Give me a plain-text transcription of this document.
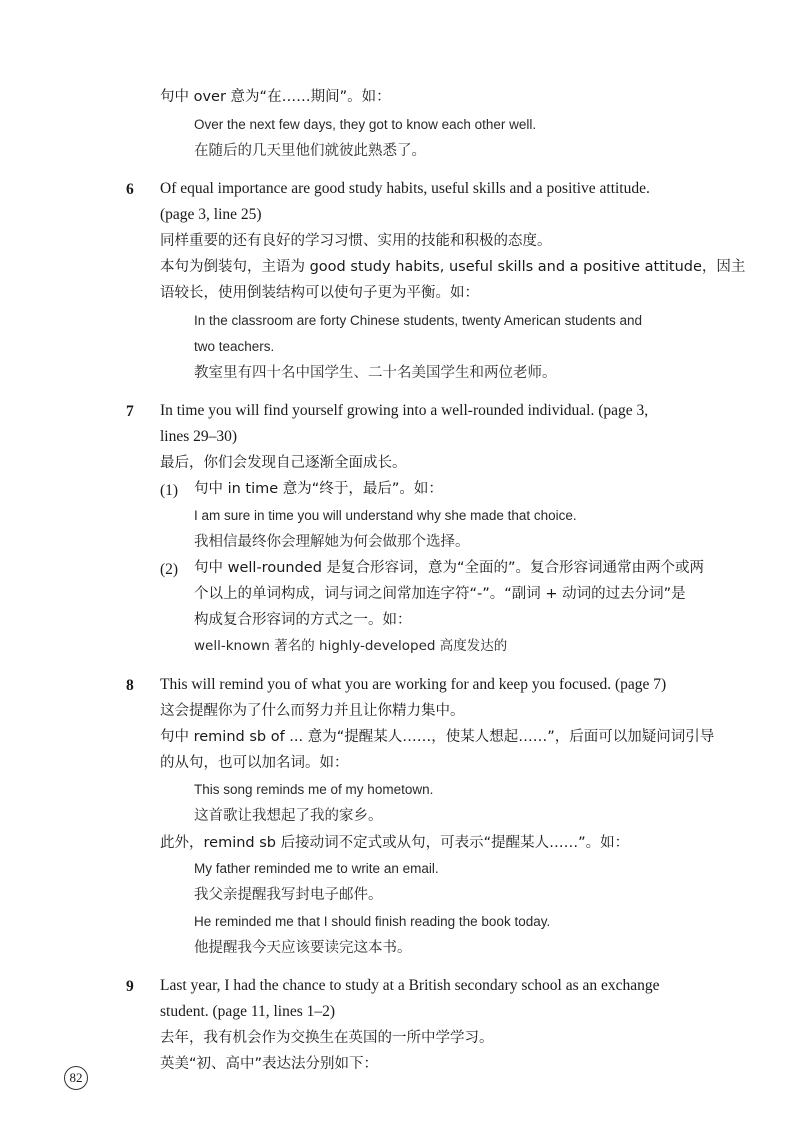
句中 over 意为“在……期间”。如：
Over the next few days, they got to know each other well.
在随后的几天里他们就彼此熟悉了。
6 Of equal importance are good study habits, useful skills and a positive attitude.
(page 3, line 25)
同样重要的还有良好的学习习惯、实用的技能和积极的态度。
本句为倒装句，主语为 good study habits, useful skills and a positive attitude，因主
语较长，使用倒装结构可以使句子更为平衡。如：
In the classroom are forty Chinese students, twenty American students and
two teachers.
教室里有四十名中国学生、二十名美国学生和两位老师。
7 In time you will find yourself growing into a well-rounded individual. (page 3,
lines 29–30)
最后，你们会发现自己逐渐全面成长。
(1) 句中 in time 意为“终于，最后”。如：
I am sure in time you will understand why she made that choice.
我相信最终你会理解她为何会做那个选择。
(2) 句中 well-rounded 是复合形容词，意为“全面的”。复合形容词通常由两个或两
个以上的单词构成，词与词之间常加连字符“-”。“副词 + 动词的过去分词”是
构成复合形容词的方式之一。如：
well-known 著名的 highly-developed 高度发达的
8 This will remind you of what you are working for and keep you focused. (page 7)
这会提醒你为了什么而努力并且让你精力集中。
句中 remind sb of ... 意为“提醒某人……，使某人想起……”，后面可以加疑问词引导
的从句，也可以加名词。如：
This song reminds me of my hometown.
这首歌让我想起了我的家乡。
此外，remind sb 后接动词不定式或从句，可表示“提醒某人……”。如：
My father reminded me to write an email.
我父亲提醒我写封电子邮件。
He reminded me that I should finish reading the book today.
他提醒我今天应该要读完这本书。
9 Last year, I had the chance to study at a British secondary school as an exchange
student. (page 11, lines 1–2)
去年，我有机会作为交换生在英国的一所中学学习。
英美“初、高中”表达法分别如下：
82
